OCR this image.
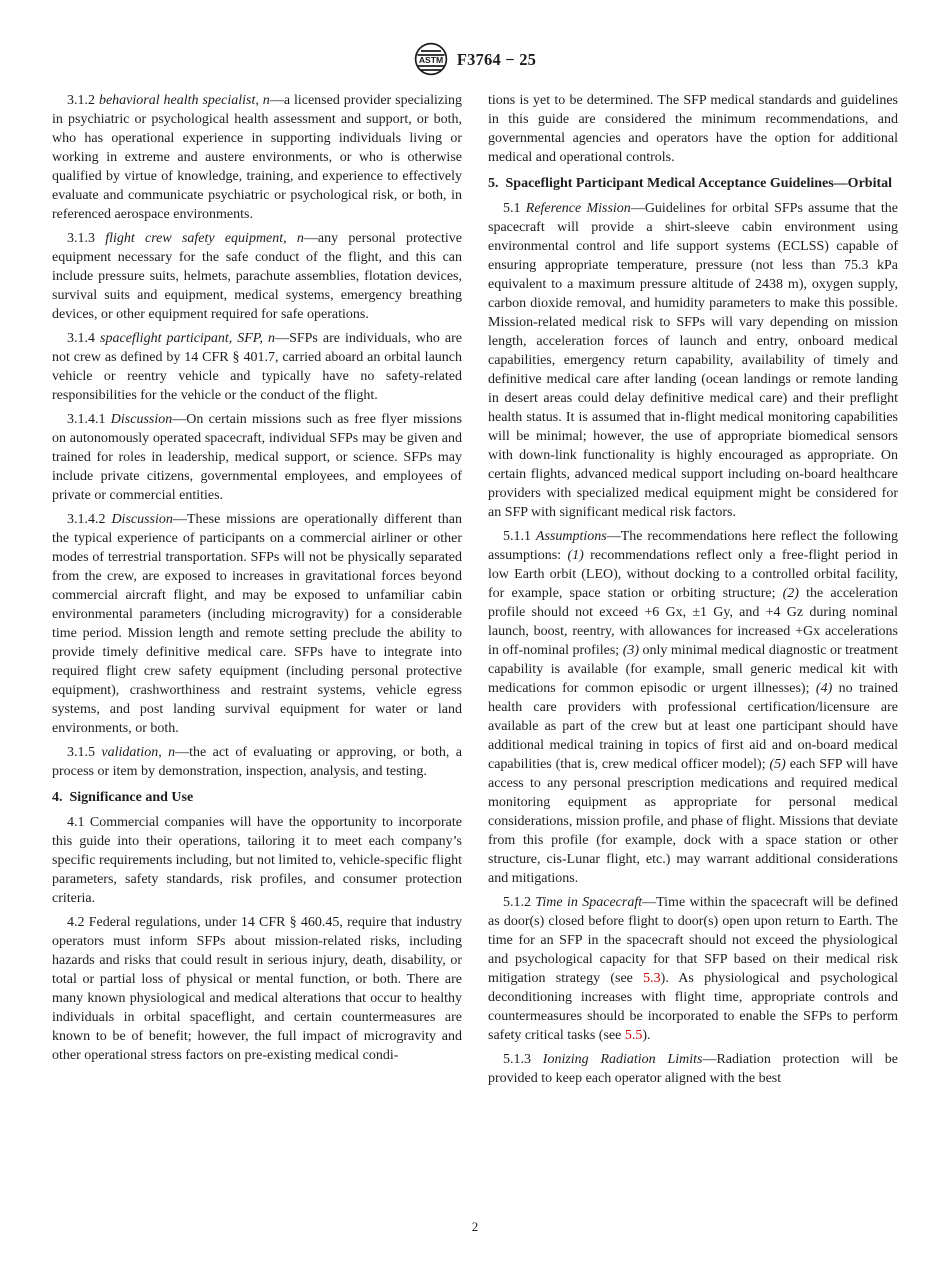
ASTM F3764 − 25

3.1.2 behavioral health specialist, n—a licensed provider specializing in psychiatric or psychological health assessment and support, or both, who has operational experience in supporting individuals living or working in extreme and austere environments, or who is otherwise qualified by virtue of knowledge, training, and experience to effectively evaluate and communicate psychiatric or psychological risk, or both, in referenced aerospace environments.

3.1.3 flight crew safety equipment, n—any personal protective equipment necessary for the safe conduct of the flight, and this can include pressure suits, helmets, parachute assemblies, flotation devices, survival suits and equipment, medical systems, emergency breathing devices, or other equipment required for safe operations.

3.1.4 spaceflight participant, SFP, n—SFPs are individuals, who are not crew as defined by 14 CFR § 401.7, carried aboard an orbital launch vehicle or reentry vehicle and typically have no safety-related responsibilities for the vehicle or the conduct of the flight.

3.1.4.1 Discussion—On certain missions such as free flyer missions on autonomously operated spacecraft, individual SFPs may be given and trained for roles in leadership, medical support, or science. SFPs may include private citizens, governmental employees, and employees of private or commercial entities.

3.1.4.2 Discussion—These missions are operationally different than the typical experience of participants on a commercial airliner or other modes of terrestrial transportation. SFPs will not be physically separated from the crew, are exposed to increases in gravitational forces beyond commercial aircraft flight, and may be exposed to unfamiliar cabin environmental parameters (including microgravity) for a considerable time period. Mission length and remote setting preclude the ability to provide timely definitive medical care. SFPs have to integrate into required flight crew safety equipment (including personal protective equipment), crashworthiness and restraint systems, vehicle egress systems, and post landing survival equipment for water or land environments, or both.

3.1.5 validation, n—the act of evaluating or approving, or both, a process or item by demonstration, inspection, analysis, and testing.

4. Significance and Use

4.1 Commercial companies will have the opportunity to incorporate this guide into their operations, tailoring it to meet each company’s specific requirements including, but not limited to, vehicle-specific flight parameters, safety standards, risk profiles, and consumer protection criteria.

4.2 Federal regulations, under 14 CFR § 460.45, require that industry operators must inform SFPs about mission-related risks, including hazards and risks that could result in serious injury, death, disability, or total or partial loss of physical or mental function, or both. There are many known physiological and medical alterations that occur to healthy individuals in orbital spaceflight, and certain countermeasures are known to be of benefit; however, the full impact of microgravity and other operational stress factors on pre-existing medical condi-

tions is yet to be determined. The SFP medical standards and guidelines in this guide are considered the minimum recommendations, and governmental agencies and operators have the option for additional medical and operational controls.

5. Spaceflight Participant Medical Acceptance Guidelines—Orbital

5.1 Reference Mission—Guidelines for orbital SFPs assume that the spacecraft will provide a shirt-sleeve cabin environment using environmental control and life support systems (ECLSS) capable of ensuring appropriate temperature, pressure (not less than 75.3 kPa equivalent to a maximum pressure altitude of 2438 m), oxygen supply, carbon dioxide removal, and humidity parameters to make this possible. Mission-related medical risk to SFPs will vary depending on mission length, acceleration forces of launch and entry, onboard medical capabilities, emergency return capability, availability of timely and definitive medical care after landing (ocean landings or remote landing in desert areas could delay definitive medical care) and their preflight health status. It is assumed that in-flight medical monitoring capabilities will be minimal; however, the use of appropriate biomedical sensors with down-link functionality is highly encouraged as appropriate. On certain flights, advanced medical support including on-board healthcare providers with specialized medical equipment might be considered for an SFP with significant medical risk factors.

5.1.1 Assumptions—The recommendations here reflect the following assumptions: (1) recommendations reflect only a free-flight period in low Earth orbit (LEO), without docking to a controlled orbital facility, for example, space station or orbiting structure; (2) the acceleration profile should not exceed +6 Gx, ±1 Gy, and +4 Gz during nominal launch, boost, reentry, with allowances for increased +Gx accelerations in off-nominal profiles; (3) only minimal medical diagnostic or treatment capability is available (for example, small generic medical kit with medications for common episodic or urgent illnesses); (4) no trained health care providers with professional certification/licensure are available as part of the crew but at least one participant should have additional medical training in topics of first aid and on-board medical capabilities (that is, crew medical officer model); (5) each SFP will have access to any personal prescription medications and required medical monitoring equipment as appropriate for personal medical considerations, mission profile, and phase of flight. Missions that deviate from this profile (for example, dock with a space station or other structure, cis-Lunar flight, etc.) may warrant additional considerations and mitigations.

5.1.2 Time in Spacecraft—Time within the spacecraft will be defined as door(s) closed before flight to door(s) open upon return to Earth. The time for an SFP in the spacecraft should not exceed the physiological and psychological capacity for that SFP based on their medical risk mitigation strategy (see 5.3). As physiological and psychological deconditioning increases with flight time, appropriate controls and countermeasures should be incorporated to enable the SFPs to perform safety critical tasks (see 5.5).

5.1.3 Ionizing Radiation Limits—Radiation protection will be provided to keep each operator aligned with the best

2
